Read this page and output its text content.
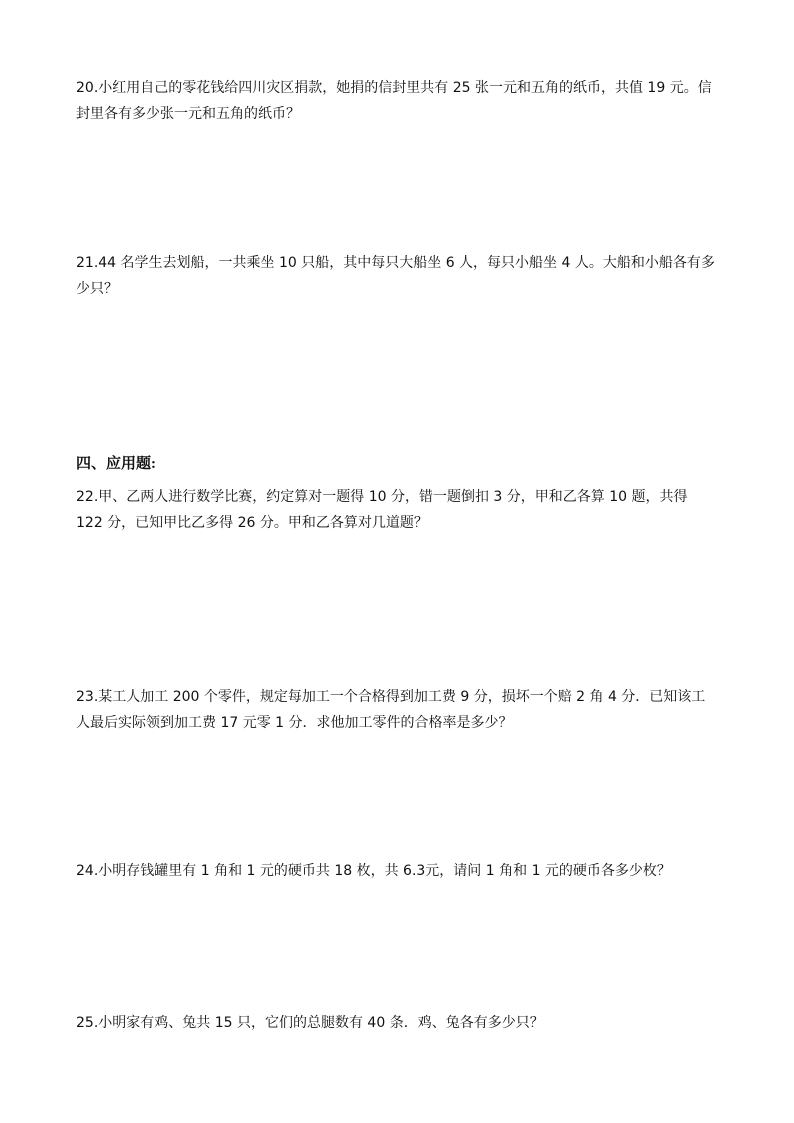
20.小红用自己的零花钱给四川灾区捐款，她捐的信封里共有 25 张一元和五角的纸币，共值 19 元。信封里各有多少张一元和五角的纸币？

21.44 名学生去划船，一共乘坐 10 只船，其中每只大船坐 6 人，每只小船坐 4 人。大船和小船各有多少只？

四、应用题:

22.甲、乙两人进行数学比赛，约定算对一题得 10 分，错一题倒扣 3 分，甲和乙各算 10 题，共得 122 分，已知甲比乙多得 26 分。甲和乙各算对几道题？

23.某工人加工 200 个零件，规定每加工一个合格得到加工费 9 分，损坏一个赔 2 角 4 分．已知该工人最后实际领到加工费 17 元零 1 分．求他加工零件的合格率是多少？

24.小明存钱罐里有 1 角和 1 元的硬币共 18 枚，共 6.3元，请问 1 角和 1 元的硬币各多少枚？

25.小明家有鸡、兔共 15 只，它们的总腿数有 40 条．鸡、兔各有多少只？
